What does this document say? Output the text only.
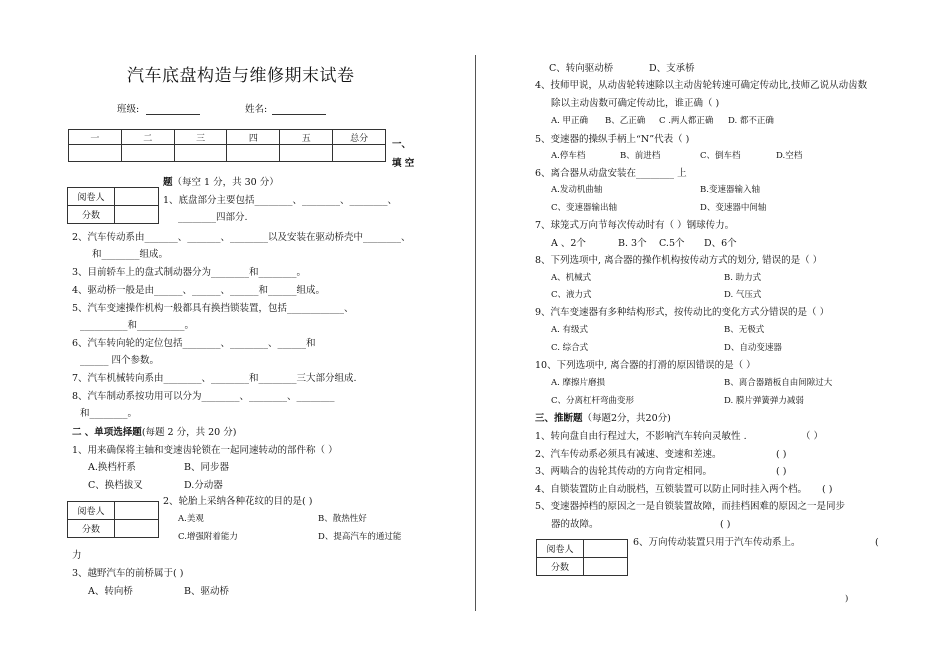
汽车底盘构造与维修期末试卷
班级:	姓名:
一	二	三	四	五	总分

一、
填 空
阅卷人	
分数	
题（每空 1 分，共 30 分）
1、底盘部分主要包括________、________、________、
________四部分.
2、汽车传动系由_______、_______、________以及安装在驱动桥壳中________、
和________组成。
3、目前轿车上的盘式制动器分为________和________。
4、驱动桥一般是由______、______、______和______组成。
5、汽车变速操作机构一般都具有换挡锁装置，包括____________、
__________和__________。
6、汽车转向轮的定位包括________、________、______和
______ 四个参数。
7、汽车机械转向系由________、________和________三大部分组成.
8、汽车制动系按功用可以分为________、________、________
和________。
二 、单项选择题(每题 2 分，共 20 分)
1、用来确保将主轴和变速齿轮锁在一起同速转动的部件称（ ）
A.换档杆系	B、同步器
C、换档拔叉	D.分动器
阅卷人	
分数	
2、轮胎上采纳各种花纹的目的是( )
A.美观	B、散热性好
C.增强附着能力	D、提高汽车的通过能
力
3、越野汽车的前桥属于( )
A、转向桥	B、驱动桥
C、转向驱动桥	D、支承桥
4、技师甲说，从动齿轮转速除以主动齿轮转速可确定传动比,技师乙说从动齿数
除以主动齿数可确定传动比，谁正确（ )
A. 甲正确 B、乙正确 C .两人都正确 D. 都不正确
5、变速器的操纵手柄上“N”代表（ )
A.停车档	B、前进档	C、倒车档	D.空档
6、离合器从动盘安装在________ 上
A.发动机曲轴	B.变速器输入轴
C、变速器输出轴	D、变速器中间轴
7、球笼式万向节每次传动时有（ ）钢球传力。
A 、2个	B. 3个 C.5个 D、6个
8、下列选项中, 离合器的操作机构按传动方式的划分, 错误的是（ ）
A、机械式	B. 助力式
C、液力式	D. 气压式
9、汽车变速器有多种结构形式，按传动比的变化方式分错误的是（ ）
A. 有级式	B、无极式
C. 综合式	D、自动变速器
10、下列选项中, 离合器的打滑的原因错误的是（ ）
A. 摩擦片磨损	B、离合器踏板自由间隙过大
C、分离杠杆弯曲变形	D. 膜片弹簧弹力减弱
三、推断题（每题2分，共20分)
1、转向盘自由行程过大，不影响汽车转向灵敏性 .	（ ）
2、汽车传动系必须具有减速、变速和差速。	( )
3、两啮合的齿轮其传动的方向肯定相同。	( )
4、自锁装置防止自动脱档，互锁装置可以防止同时挂入两个档。 ( )
5、变速器掉档的原因之一是自锁装置故障，而挂档困难的原因之一是同步
器的故障。	( )
阅卷人	
分数	
6、万向传动装置只用于汽车传动系上。	(
)
